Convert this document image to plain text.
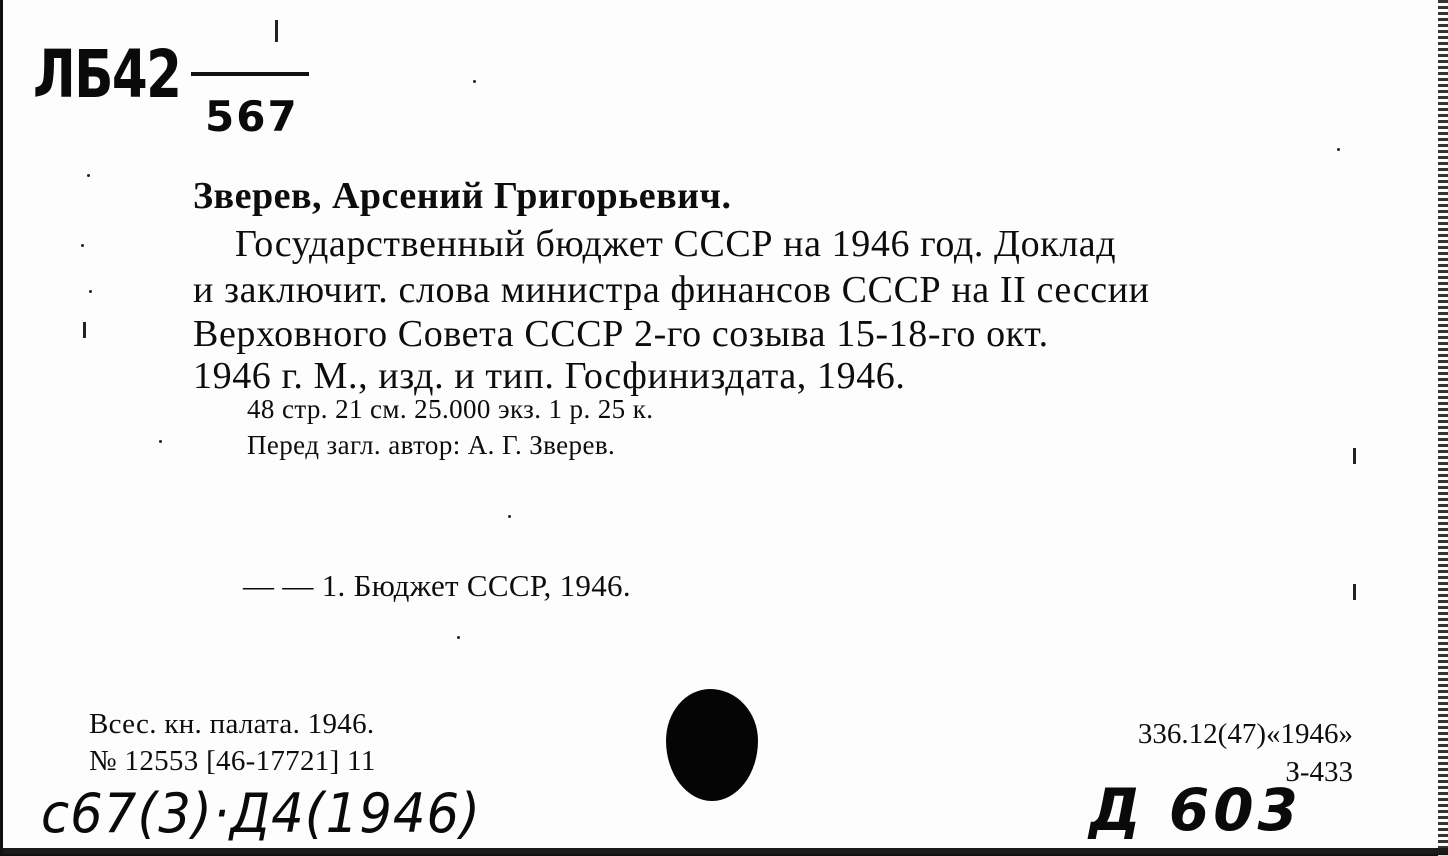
ЛБ42
567
Зверев, Арсений Григорьевич.
Государственный бюджет СССР на 1946 год. Доклад
и заключит. слова министра финансов СССР на II сессии
Верховного Совета СССР 2-го созыва 15-18-го окт.
1946 г. М., изд. и тип. Госфиниздата, 1946.
48 стр. 21 см. 25.000 экз. 1 р. 25 к.
Перед загл. автор: А. Г. Зверев.
— — 1. Бюджет СССР, 1946.
Всес. кн. палата. 1946.
№ 12553 [46-17721] 11
336.12(47)«1946»
З-433
с67(3)·Д4(1946)	Д 603
